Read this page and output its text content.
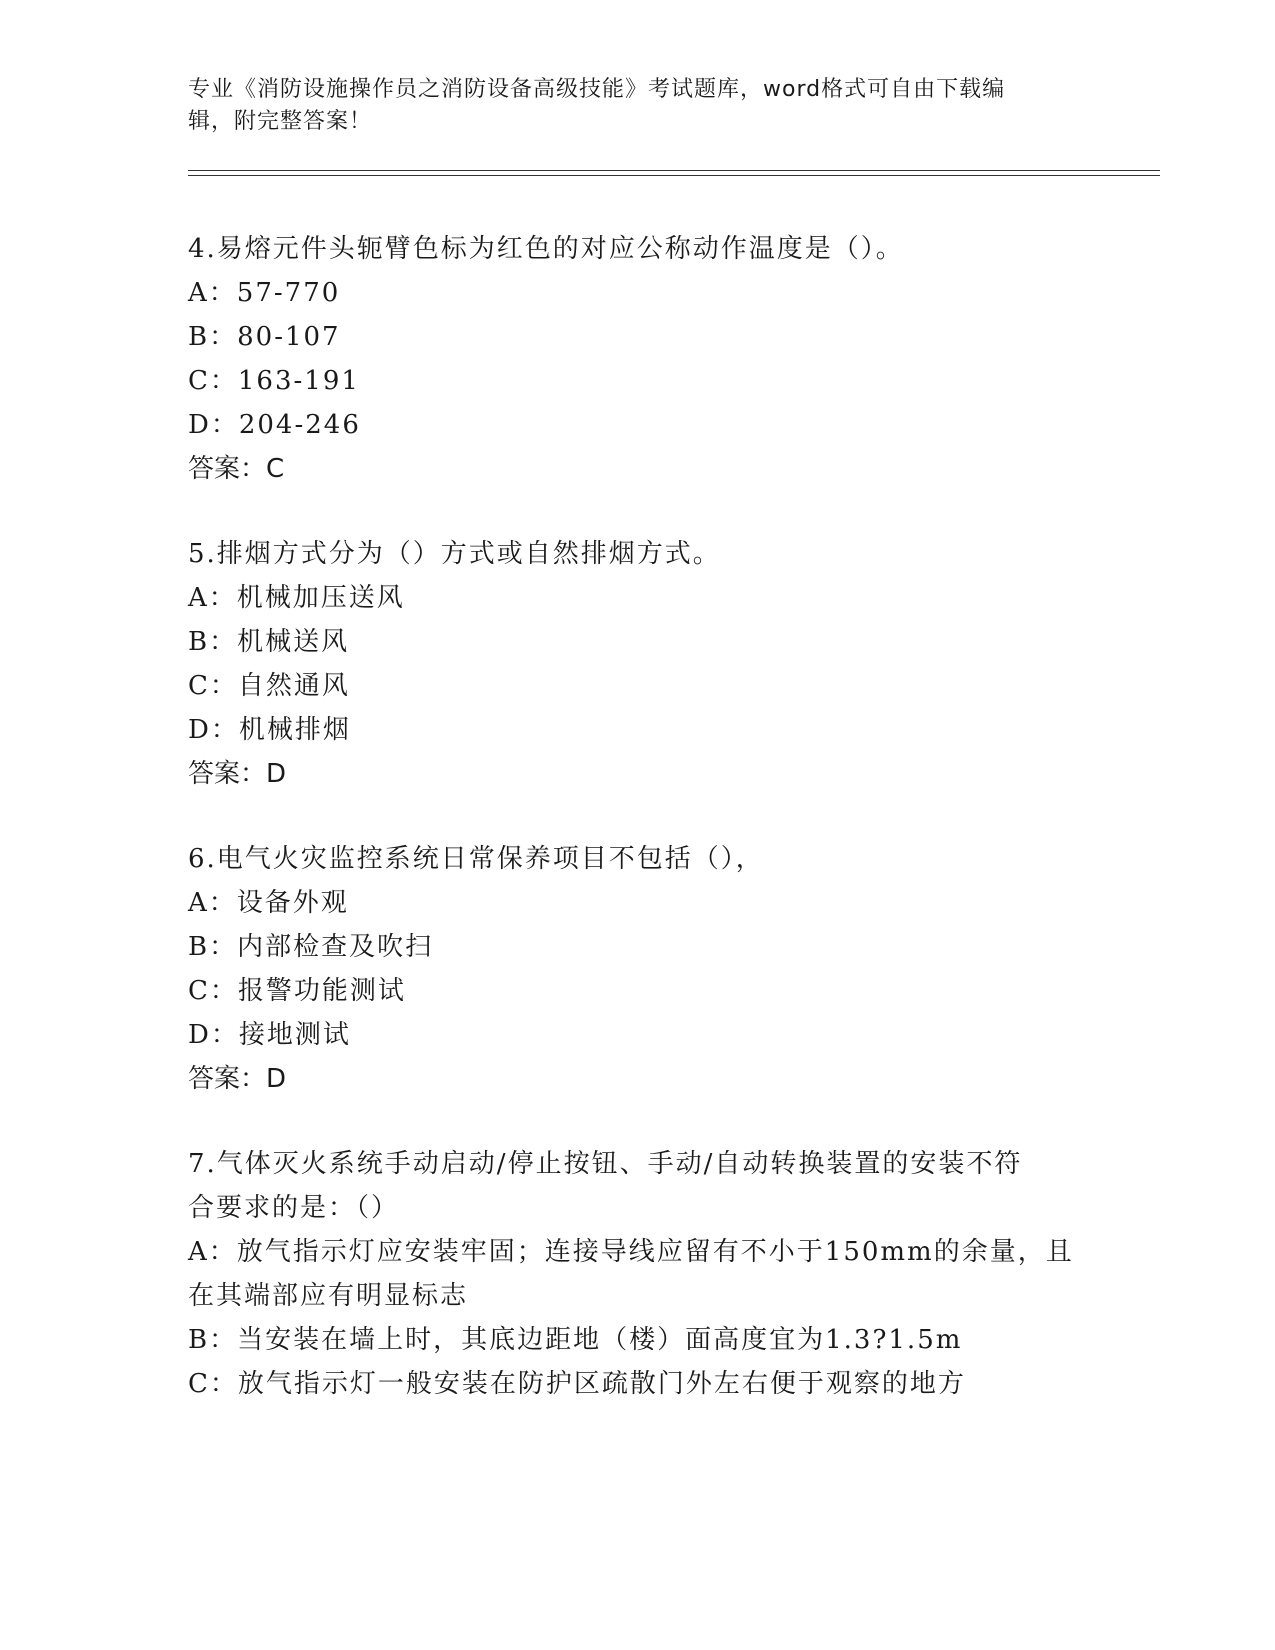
专业《消防设施操作员之消防设备高级技能》考试题库，word格式可自由下载编
辑，附完整答案！
4.易熔元件头轭臂色标为红色的对应公称动作温度是（）。
A：57-770
B：80-107
C：163-191
D：204-246
答案：C
5.排烟方式分为（）方式或自然排烟方式。
A：机械加压送风
B：机械送风
C：自然通风
D：机械排烟
答案：D
6.电气火灾监控系统日常保养项目不包括（），
A：设备外观
B：内部检查及吹扫
C：报警功能测试
D：接地测试
答案：D
7.气体灭火系统手动启动/停止按钮、手动/自动转换装置的安装不符
合要求的是：（）
A：放气指示灯应安装牢固；连接导线应留有不小于150mm的余量，且
在其端部应有明显标志
B：当安装在墙上时，其底边距地（楼）面高度宜为1.3?1.5m
C：放气指示灯一般安装在防护区疏散门外左右便于观察的地方
